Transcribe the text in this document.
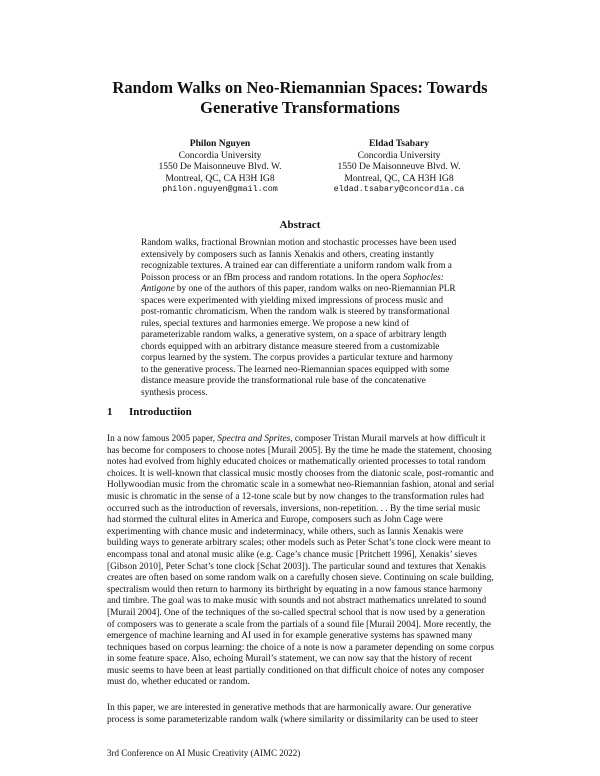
Random Walks on Neo-Riemannian Spaces: Towards
Generative Transformations
Philon Nguyen
Concordia University
1550 De Maisonneuve Blvd. W.
Montreal, QC, CA H3H IG8
philon.nguyen@gmail.com
Eldad Tsabary
Concordia University
1550 De Maisonneuve Blvd. W.
Montreal, QC, CA H3H IG8
eldad.tsabary@concordia.ca
Abstract

Random walks, fractional Brownian motion and stochastic processes have been used extensively by composers such as Iannis Xenakis and others, creating instantly recognizable textures. A trained ear can differentiate a uniform random walk from a Poisson process or an fBm process and random rotations. In the opera Sophocles: Antigone by one of the authors of this paper, random walks on neo-Riemannian PLR spaces were experimented with yielding mixed impressions of process music and post-romantic chromaticism. When the random walk is steered by transformational rules, special textures and harmonies emerge. We propose a new kind of parameterizable random walks, a generative system, on a space of arbitrary length chords equipped with an arbitrary distance measure steered from a customizable corpus learned by the system. The corpus provides a particular texture and harmony to the generative process. The learned neo-Riemannian spaces equipped with some distance measure provide the transformational rule base of the concatenative synthesis process.

1 Introductiion

In a now famous 2005 paper, Spectra and Sprites, composer Tristan Murail marvels at how difficult it has become for composers to choose notes [Murail 2005]. By the time he made the statement, choosing notes had evolved from highly educated choices or mathematically oriented processes to total random choices. It is well-known that classical music mostly chooses from the diatonic scale, post-romantic and Hollywoodian music from the chromatic scale in a somewhat neo-Riemannian fashion, atonal and serial music is chromatic in the sense of a 12-tone scale but by now changes to the transformation rules had occurred such as the introduction of reversals, inversions, non-repetition. . . By the time serial music had stormed the cultural elites in America and Europe, composers such as John Cage were experimenting with chance music and indeterminacy, while others, such as Iannis Xenakis were building ways to generate arbitrary scales; other models such as Peter Schat’s tone clock were meant to encompass tonal and atonal music alike (e.g. Cage’s chance music [Pritchett 1996], Xenakis’ sieves [Gibson 2010], Peter Schat’s tone clock [Schat 2003]). The particular sound and textures that Xenakis creates are often based on some random walk on a carefully chosen sieve. Continuing on scale building, spectralism would then return to harmony its birthright by equating in a now famous stance harmony and timbre. The goal was to make music with sounds and not abstract mathematics unrelated to sound [Murail 2004]. One of the techniques of the so-called spectral school that is now used by a generation of composers was to generate a scale from the partials of a sound file [Murail 2004]. More recently, the emergence of machine learning and AI used in for example generative systems has spawned many techniques based on corpus learning: the choice of a note is now a parameter depending on some corpus in some feature space. Also, echoing Murail’s statement, we can now say that the history of recent music seems to have been at least partially conditioned on that difficult choice of notes any composer must do, whether educated or random.

In this paper, we are interested in generative methods that are harmonically aware. Our generative process is some parameterizable random walk (where similarity or dissimilarity can be used to steer

3rd Conference on AI Music Creativity (AIMC 2022)
